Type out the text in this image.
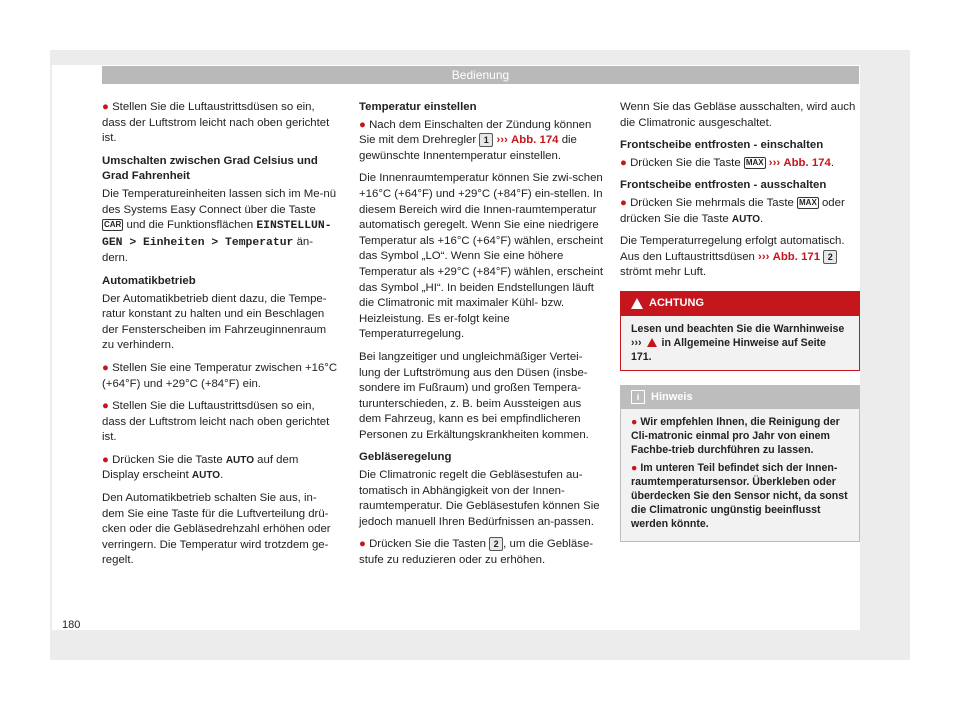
Bedienung

● Stellen Sie die Luftaustrittsdüsen so ein, dass der Luftstrom leicht nach oben gerichtet ist.

Umschalten zwischen Grad Celsius und Grad Fahrenheit

Die Temperatureinheiten lassen sich im Me-nü des Systems Easy Connect über die Taste CAR und die Funktionsflächen EINSTELLUN-GEN > Einheiten > Temperatur än-dern.

Automatikbetrieb

Der Automatikbetrieb dient dazu, die Tempe-ratur konstant zu halten und ein Beschlagen der Fensterscheiben im Fahrzeuginnenraum zu verhindern.

● Stellen Sie eine Temperatur zwischen +16°C (+64°F) und +29°C (+84°F) ein.

● Stellen Sie die Luftaustrittsdüsen so ein, dass der Luftstrom leicht nach oben gerichtet ist.

● Drücken Sie die Taste AUTO auf dem Display erscheint AUTO.

Den Automatikbetrieb schalten Sie aus, in-dem Sie eine Taste für die Luftverteilung drü-cken oder die Gebläsedrehzahl erhöhen oder verringern. Die Temperatur wird trotzdem ge-regelt.

Temperatur einstellen

● Nach dem Einschalten der Zündung können Sie mit dem Drehregler 1 ››› Abb. 174 die gewünschte Innentemperatur einstellen.

Die Innenraumtemperatur können Sie zwi-schen +16°C (+64°F) und +29°C (+84°F) ein-stellen. In diesem Bereich wird die Innen-raumtemperatur automatisch geregelt. Wenn Sie eine niedrigere Temperatur als +16°C (+64°F) wählen, erscheint das Symbol „LO“. Wenn Sie eine höhere Temperatur als +29°C (+84°F) wählen, erscheint das Symbol „HI“. In beiden Endstellungen läuft die Climatronic mit maximaler Kühl- bzw. Heizleistung. Es er-folgt keine Temperaturregelung.

Bei langzeitiger und ungleichmäßiger Vertei-lung der Luftströmung aus den Düsen (insbe-sondere im Fußraum) und großen Tempera-turunterschieden, z. B. beim Aussteigen aus dem Fahrzeug, kann es bei empfindlicheren Personen zu Erkältungskrankheiten kommen.

Gebläseregelung

Die Climatronic regelt die Gebläsestufen au-tomatisch in Abhängigkeit von der Innen-raumtemperatur. Die Gebläsestufen können Sie jedoch manuell Ihren Bedürfnissen an-passen.

● Drücken Sie die Tasten 2 , um die Gebläse-stufe zu reduzieren oder zu erhöhen.

Wenn Sie das Gebläse ausschalten, wird auch die Climatronic ausgeschaltet.

Frontscheibe entfrosten - einschalten

● Drücken Sie die Taste MAX ››› Abb. 174.

Frontscheibe entfrosten - ausschalten

● Drücken Sie mehrmals die Taste MAX oder drücken Sie die Taste AUTO.

Die Temperaturregelung erfolgt automatisch. Aus den Luftaustrittsdüsen ››› Abb. 171 2 strömt mehr Luft.

ACHTUNG
Lesen und beachten Sie die Warnhinweise ››› in Allgemeine Hinweise auf Seite 171.
i Hinweis

● Wir empfehlen Ihnen, die Reinigung der Cli-matronic einmal pro Jahr von einem Fachbe-trieb durchführen zu lassen.

● Im unteren Teil befindet sich der Innen-raumtemperatursensor. Überkleben oder überdecken Sie den Sensor nicht, da sonst die Climatronic ungünstig beeinflusst werden könnte.

180
